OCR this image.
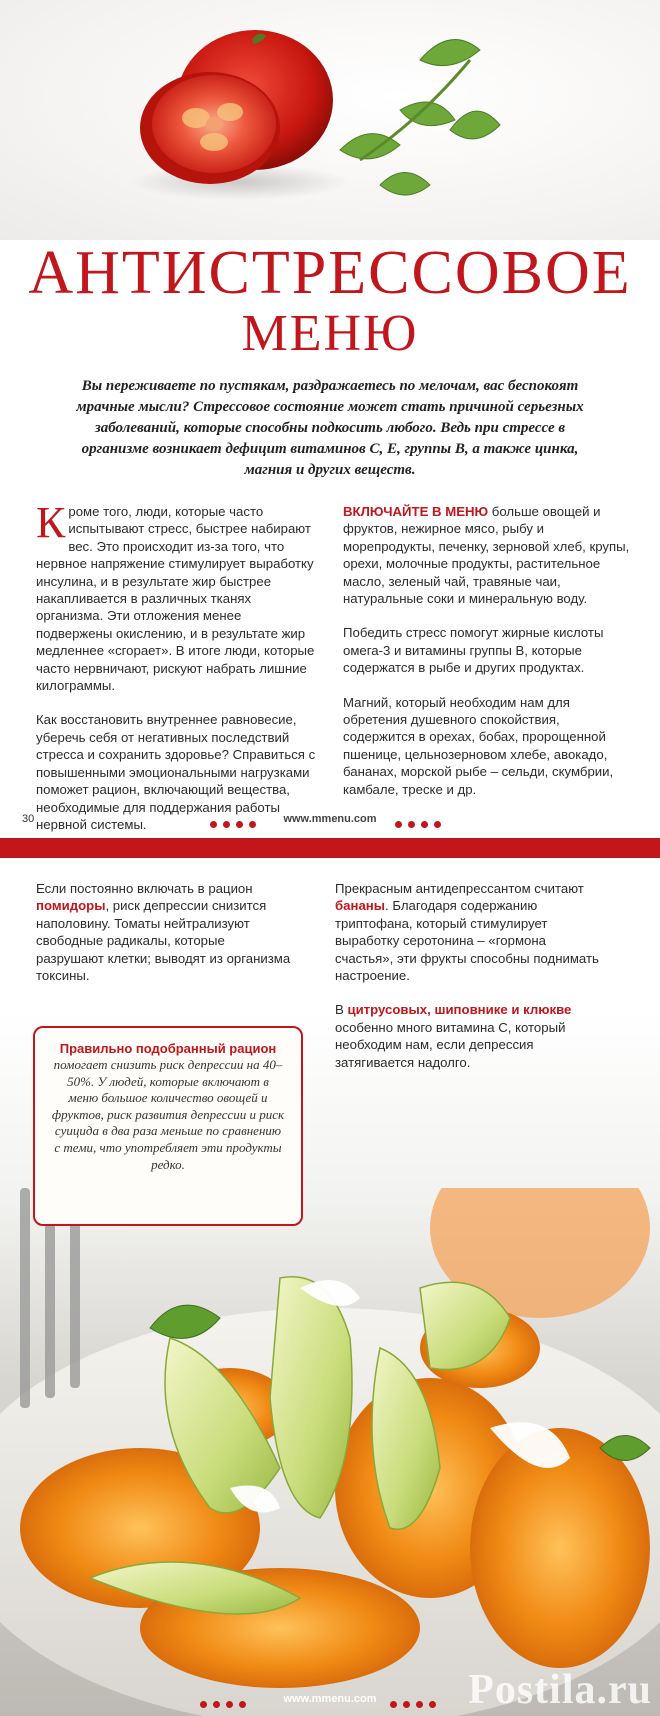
АНТИСТРЕССОВОЕ
МЕНЮ
Вы переживаете по пустякам, раздражаетесь по мелочам, вас беспокоят мрачные мысли? Стрессовое состояние может стать причиной серьезных заболеваний, которые способны подкосить любого. Ведь при стрессе в организме возникает дефицит витаминов С, Е, группы В, а также цинка, магния и других веществ.

Кроме того, люди, которые часто испытывают стресс, быстрее набирают вес. Это происходит из-за того, что нервное напряжение стимулирует выработку инсулина, и в результате жир быстрее накапливается в различных тканях организма. Эти отложения менее подвержены окислению, и в результате жир медленнее «сгорает». В итоге люди, которые часто нервничают, рискуют набрать лишние килограммы.

Как восстановить внутреннее равновесие, уберечь себя от негативных последствий стресса и сохранить здоровье? Справиться с повышенными эмоциональными нагрузками поможет рацион, включающий вещества, необходимые для поддержания работы нервной системы.

ВКЛЮЧАЙТЕ В МЕНЮ больше овощей и фруктов, нежирное мясо, рыбу и морепродукты, печенку, зерновой хлеб, крупы, орехи, молочные продукты, растительное масло, зеленый чай, травяные чаи, натуральные соки и минеральную воду.

Победить стресс помогут жирные кислоты омега-3 и витамины группы В, которые содержатся в рыбе и других продуктах.

Магний, который необходим нам для обретения душевного спокойствия, содержится в орехах, бобах, пророщенной пшенице, цельнозерновом хлебе, авокадо, бананах, морской рыбе – сельди, скумбрии, камбале, треске и др.

30	www.mmenu.com

Если постоянно включать в рацион помидоры, риск депрессии снизится наполовину. Томаты нейтрализуют свободные радикалы, которые разрушают клетки; выводят из организма токсины.

Прекрасным антидепрессантом считают бананы. Благодаря содержанию триптофана, который стимулирует выработку серотонина – «гормона счастья», эти фрукты способны поднимать настроение.

В цитрусовых, шиповнике и клюкве особенно много витамина С, который необходим нам, если депрессия затягивается надолго.

Правильно подобранный рацион
помогает снизить риск депрессии на 40–50%. У людей, которые включают в меню большое количество овощей и фруктов, риск развития депрессии и риск суицида в два раза меньше по сравнению с теми, что употребляет эти продукты редко.
www.mmenu.com	Postila.ru
